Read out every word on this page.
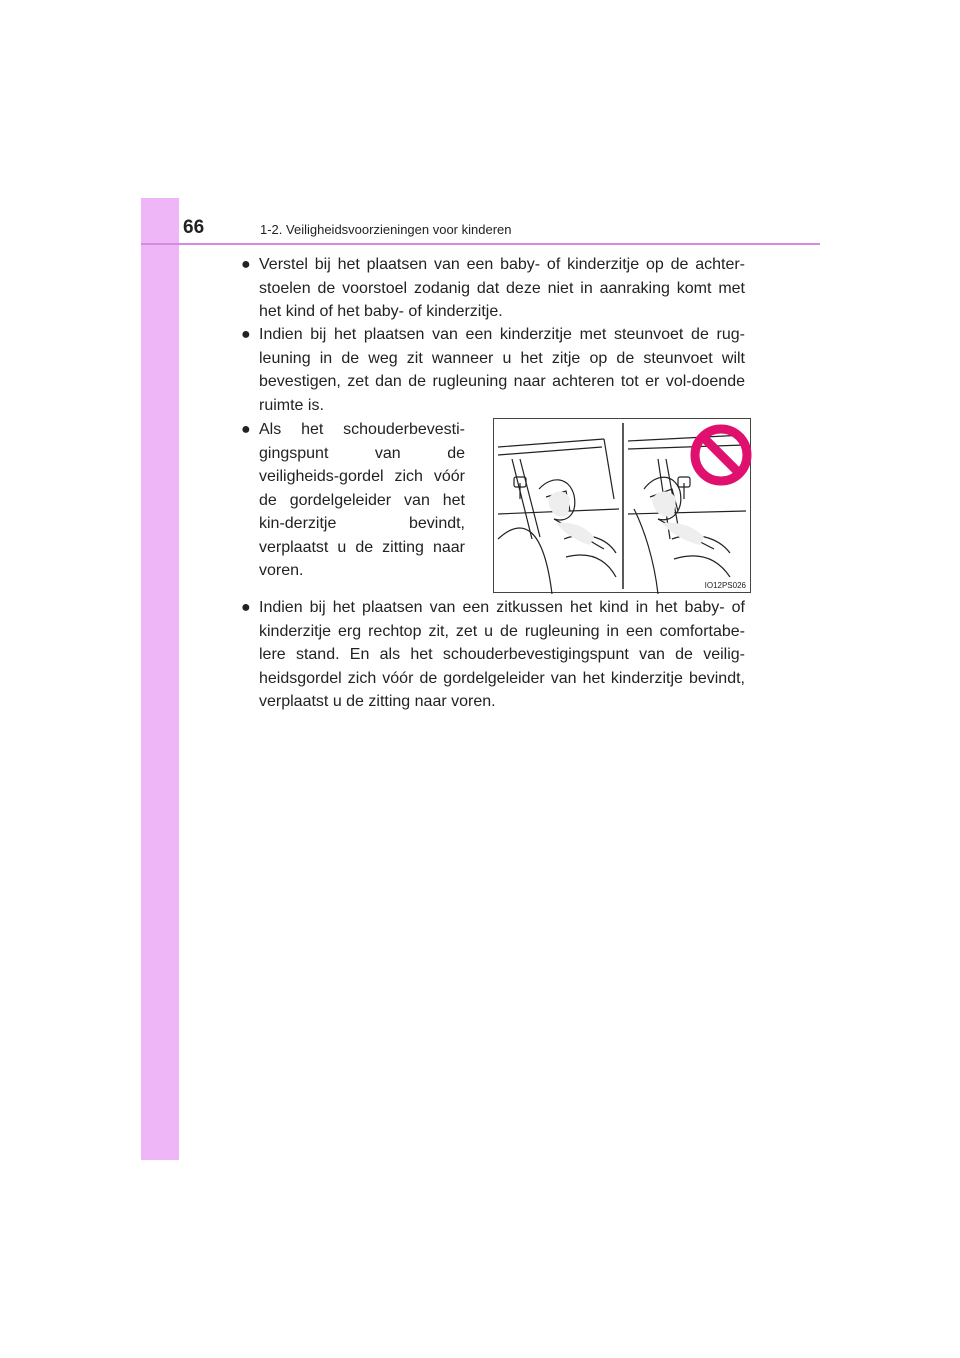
66	1-2. Veiligheidsvoorzieningen voor kinderen
● Verstel bij het plaatsen van een baby- of kinderzitje op de achter-stoelen de voorstoel zodanig dat deze niet in aanraking komt met het kind of het baby- of kinderzitje.
● Indien bij het plaatsen van een kinderzitje met steunvoet de rug-leuning in de weg zit wanneer u het zitje op de steunvoet wilt bevestigen, zet dan de rugleuning naar achteren tot er vol-doende ruimte is.
● Als het schouderbevesti-gingspunt van de veiligheids-gordel zich vóór de gordelgeleider van het kin-derzitje bevindt, verplaatst u de zitting naar voren.
IO12PS026
● Indien bij het plaatsen van een zitkussen het kind in het baby- of kinderzitje erg rechtop zit, zet u de rugleuning in een comfortabe-lere stand. En als het schouderbevestigingspunt van de veilig-heidsgordel zich vóór de gordelgeleider van het kinderzitje bevindt, verplaatst u de zitting naar voren.
